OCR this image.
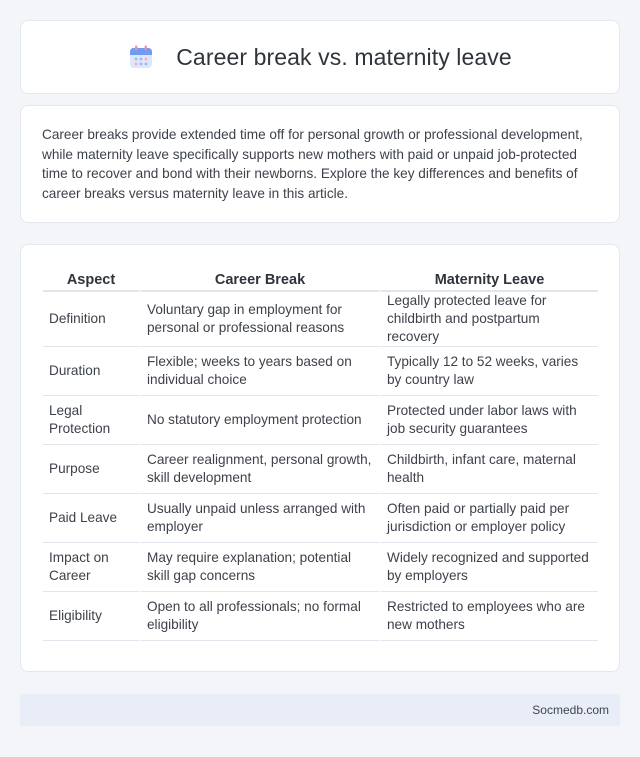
Career break vs. maternity leave

Career breaks provide extended time off for personal growth or professional development, while maternity leave specifically supports new mothers with paid or unpaid job-protected time to recover and bond with their newborns. Explore the key differences and benefits of career breaks versus maternity leave in this article.

Aspect	Career Break	Maternity Leave
Definition	Voluntary gap in employment for personal or professional reasons	Legally protected leave for childbirth and postpartum recovery
Duration	Flexible; weeks to years based on individual choice	Typically 12 to 52 weeks, varies by country law
Legal Protection	No statutory employment protection	Protected under labor laws with job security guarantees
Purpose	Career realignment, personal growth, skill development	Childbirth, infant care, maternal health
Paid Leave	Usually unpaid unless arranged with employer	Often paid or partially paid per jurisdiction or employer policy
Impact on Career	May require explanation; potential skill gap concerns	Widely recognized and supported by employers
Eligibility	Open to all professionals; no formal eligibility	Restricted to employees who are new mothers
Socmedb.com
